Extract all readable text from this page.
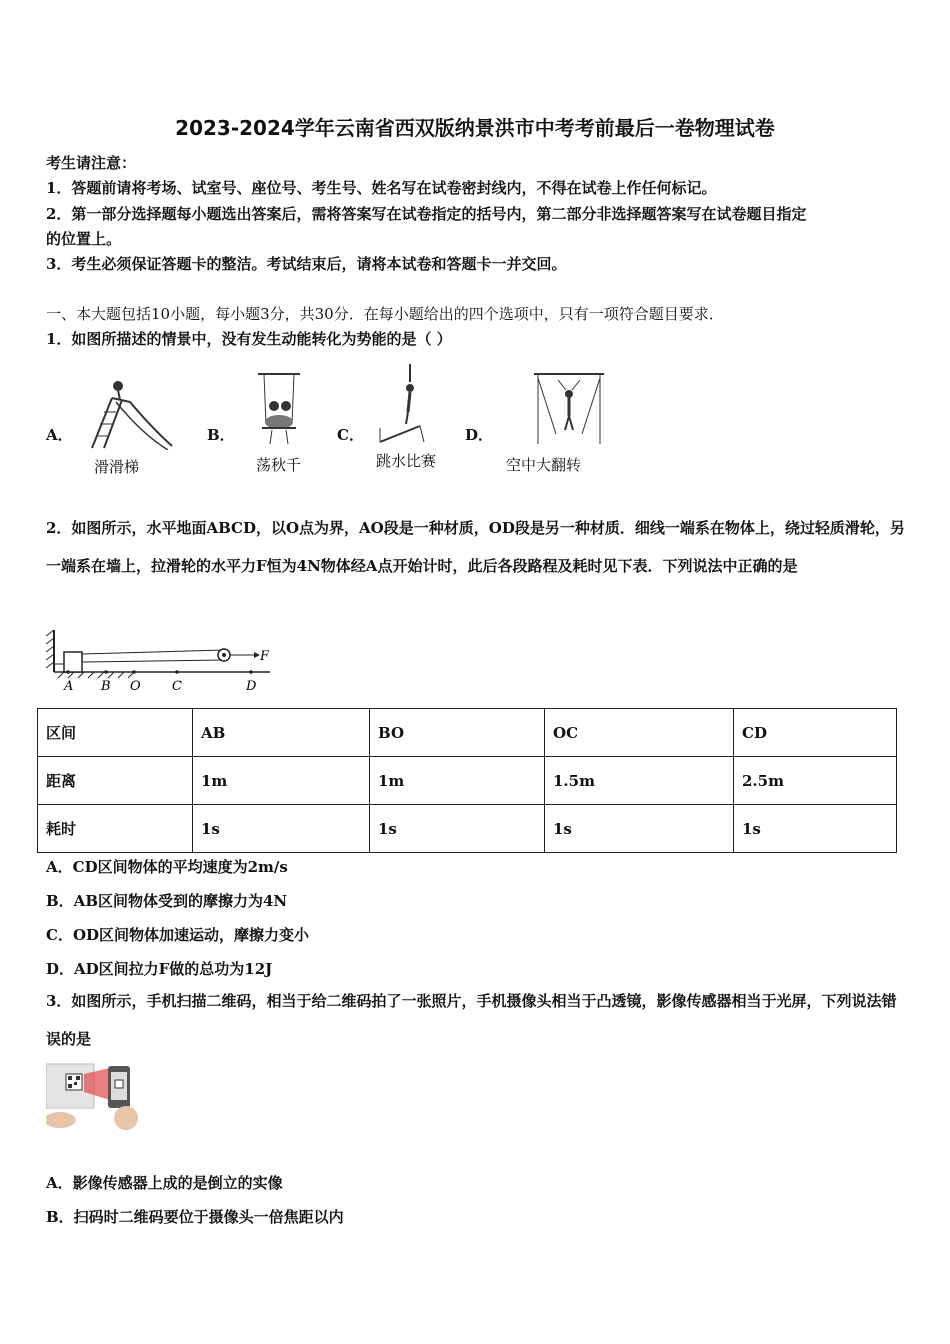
2023-2024学年云南省西双版纳景洪市中考考前最后一卷物理试卷
考生请注意：
1．答题前请将考场、试室号、座位号、考生号、姓名写在试卷密封线内，不得在试卷上作任何标记。
2．第一部分选择题每小题选出答案后，需将答案写在试卷指定的括号内，第二部分非选择题答案写在试卷题目指定
的位置上。
3．考生必须保证答题卡的整洁。考试结束后，请将本试卷和答题卡一并交回。
一、本大题包括10小题，每小题3分，共30分．在每小题给出的四个选项中，只有一项符合题目要求．
1．如图所描述的情景中，没有发生动能转化为势能的是（ ）
A．
滑滑梯
B．
荡秋千
C．
跳水比赛
D．
空中大翻转
2．如图所示，水平地面ABCD，以O点为界，AO段是一种材质，OD段是另一种材质．细线一端系在物体上，绕过轻质滑轮，另一端系在墙上，拉滑轮的水平力F恒为4N物体经A点开始计时，此后各段路程及耗时见下表．下列说法中正确的是
A B O C	D
F
区间	AB	BO	OC	CD
距离	1m	1m	1.5m	2.5m
耗时	1s	1s	1s	1s
A．CD区间物体的平均速度为2m/s
B．AB区间物体受到的摩擦力为4N
C．OD区间物体加速运动，摩擦力变小
D．AD区间拉力F做的总功为12J
3．如图所示，手机扫描二维码，相当于给二维码拍了一张照片，手机摄像头相当于凸透镜，影像传感器相当于光屏，下列说法错误的是
A．影像传感器上成的是倒立的实像
B．扫码时二维码要位于摄像头一倍焦距以内
